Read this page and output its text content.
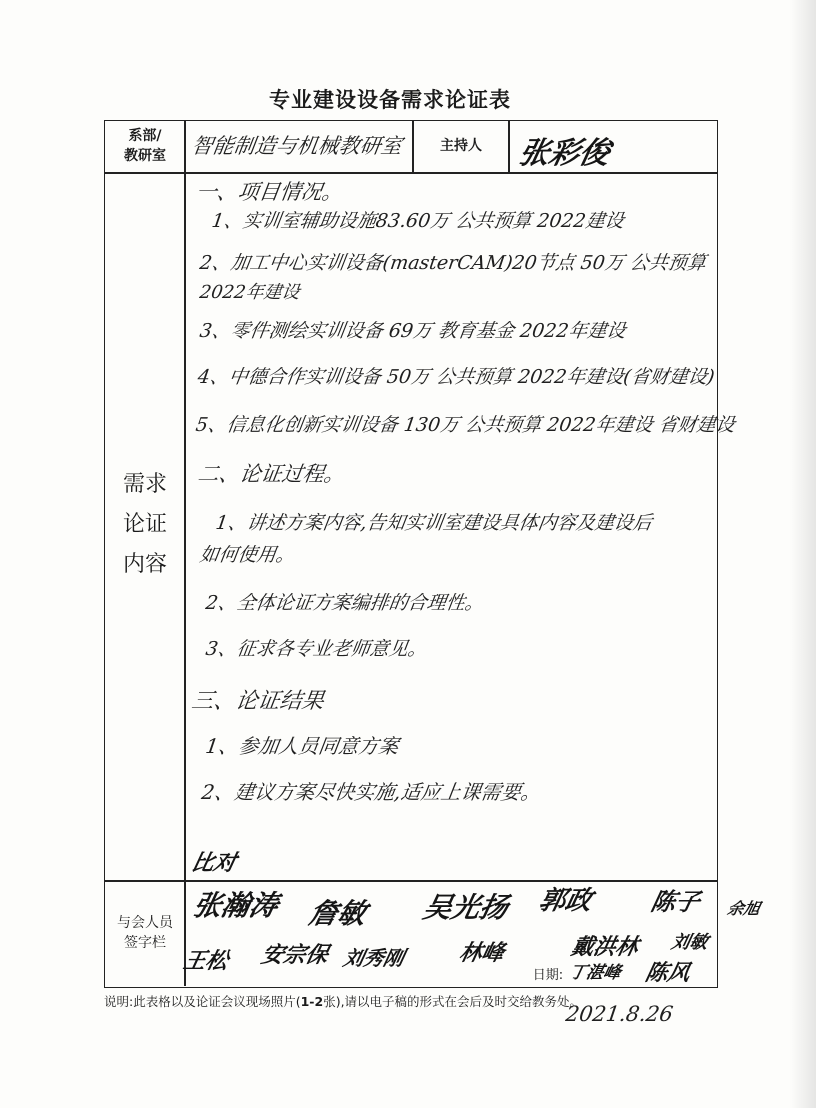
专业建设设备需求论证表
系部/
教研室	智能制造与机械教研室	主持人	张彩俊
需求
论证
内容
一、项目情况。
1、实训室辅助设施83.60万 公共预算 2022建设
2、加工中心实训设备(masterCAM)20节点 50万 公共预算
2022年建设
3、零件测绘实训设备 69万 教育基金 2022年建设
4、中德合作实训设备 50万 公共预算 2022年建设(省财建设)
5、信息化创新实训设备 130万 公共预算 2022年建设 省财建设
二、论证过程。
1、讲述方案内容,告知实训室建设具体内容及建设后
如何使用。
2、全体论证方案编排的合理性。
3、征求各专业老师意见。
三、论证结果
1、参加人员同意方案
2、建议方案尽快实施,适应上课需要。
与会人员
签字栏
比对
张瀚涛 詹敏 吴光扬 郭政 陈子 余旭
王松 安宗保 刘秀刚 林峰	戴洪林 刘敏
日期: 丁湛峰 陈风
说明:此表格以及论证会议现场照片(1-2张),请以电子稿的形式在会后及时交给教务处。
2021.8.26
